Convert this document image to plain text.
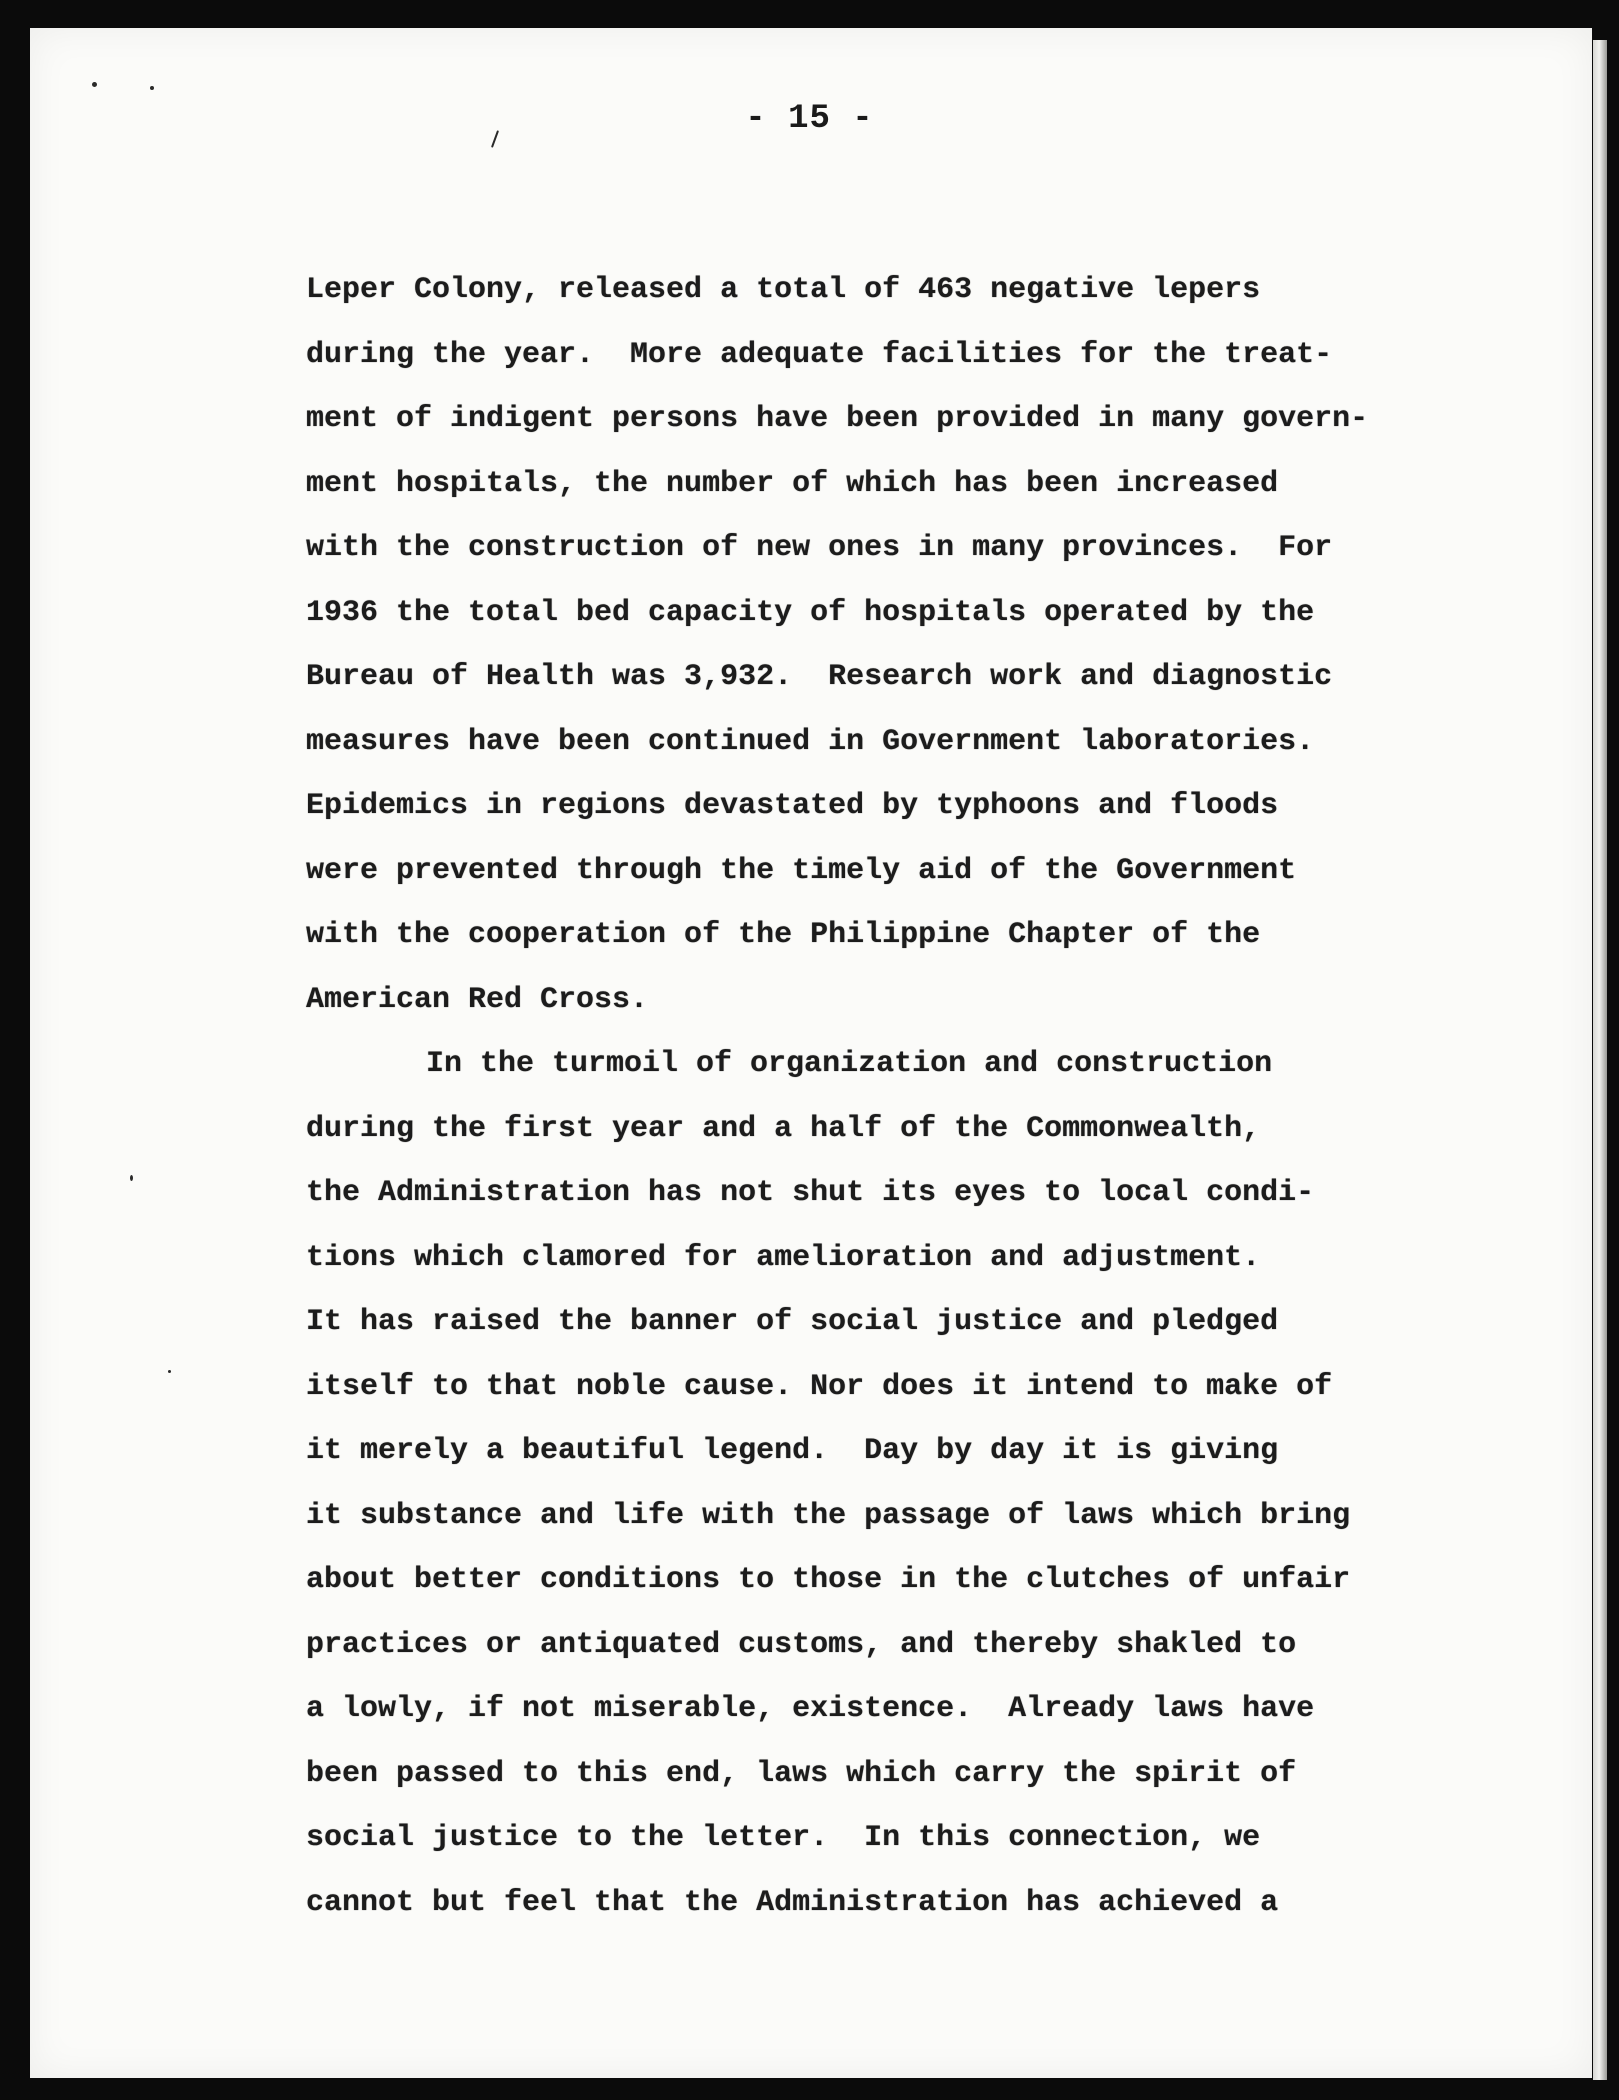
- 15 -
Leper Colony, released a total of 463 negative lepers
during the year.  More adequate facilities for the treat-
ment of indigent persons have been provided in many govern-
ment hospitals, the number of which has been increased
with the construction of new ones in many provinces.  For
1936 the total bed capacity of hospitals operated by the
Bureau of Health was 3,932.  Research work and diagnostic
measures have been continued in Government laboratories.
Epidemics in regions devastated by typhoons and floods
were prevented through the timely aid of the Government
with the cooperation of the Philippine Chapter of the
American Red Cross.
In the turmoil of organization and construction
during the first year and a half of the Commonwealth,
the Administration has not shut its eyes to local condi-
tions which clamored for amelioration and adjustment.
It has raised the banner of social justice and pledged
itself to that noble cause. Nor does it intend to make of
it merely a beautiful legend.  Day by day it is giving
it substance and life with the passage of laws which bring
about better conditions to those in the clutches of unfair
practices or antiquated customs, and thereby shakled to
a lowly, if not miserable, existence.  Already laws have
been passed to this end, laws which carry the spirit of
social justice to the letter.  In this connection, we
cannot but feel that the Administration has achieved a
